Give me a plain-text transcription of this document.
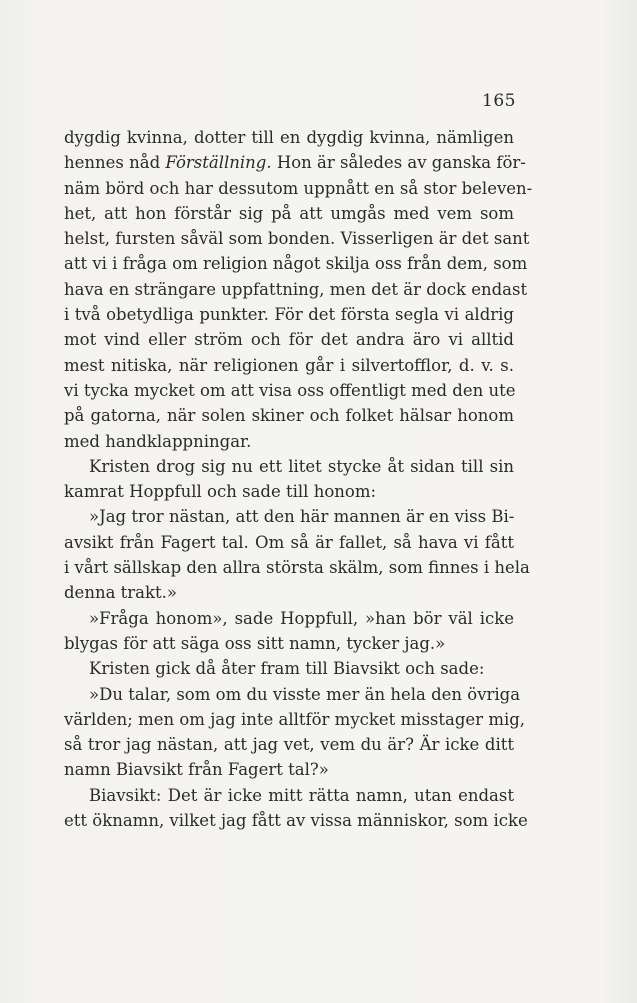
165
dygdig kvinna, dotter till en dygdig kvinna, nämligen
hennes nåd Förställning. Hon är således av ganska för-
näm börd och har dessutom uppnått en så stor beleven-
het, att hon förstår sig på att umgås med vem som
helst, fursten såväl som bonden. Visserligen är det sant
att vi i fråga om religion något skilja oss från dem, som
hava en strängare uppfattning, men det är dock endast
i två obetydliga punkter. För det första segla vi aldrig
mot vind eller ström och för det andra äro vi alltid
mest nitiska, när religionen går i silvertofflor, d. v. s.
vi tycka mycket om att visa oss offentligt med den ute
på gatorna, när solen skiner och folket hälsar honom
med handklappningar.
Kristen drog sig nu ett litet stycke åt sidan till sin
kamrat Hoppfull och sade till honom:
»Jag tror nästan, att den här mannen är en viss Bi-
avsikt från Fagert tal. Om så är fallet, så hava vi fått
i vårt sällskap den allra största skälm, som finnes i hela
denna trakt.»
»Fråga honom», sade Hoppfull, »han bör väl icke
blygas för att säga oss sitt namn, tycker jag.»
Kristen gick då åter fram till Biavsikt och sade:
»Du talar, som om du visste mer än hela den övriga
världen; men om jag inte alltför mycket misstager mig,
så tror jag nästan, att jag vet, vem du är? Är icke ditt
namn Biavsikt från Fagert tal?»
Biavsikt: Det är icke mitt rätta namn, utan endast
ett öknamn, vilket jag fått av vissa människor, som icke
